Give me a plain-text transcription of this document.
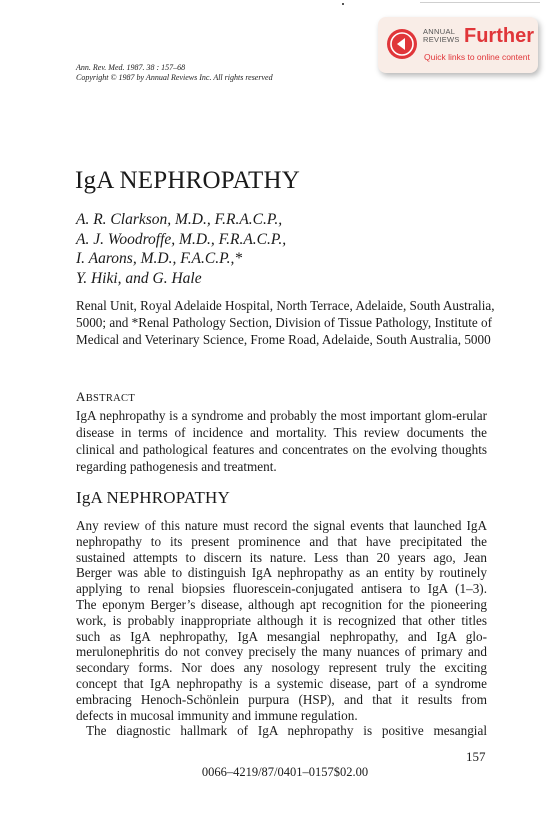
ANNUAL
REVIEWS Further
Quick links to online content
Ann. Rev. Med. 1987. 38 : 157–68
Copyright © 1987 by Annual Reviews Inc. All rights reserved
IgA NEPHROPATHY
A. R. Clarkson, M.D., F.R.A.C.P.,
A. J. Woodroffe, M.D., F.R.A.C.P.,
I. Aarons, M.D., F.A.C.P.,*
Y. Hiki, and G. Hale
Renal Unit, Royal Adelaide Hospital, North Terrace, Adelaide, South Australia, 5000; and *Renal Pathology Section, Division of Tissue Pathology, Institute of Medical and Veterinary Science, Frome Road, Adelaide, South Australia, 5000
ABSTRACT
IgA nephropathy is a syndrome and probably the most important glom-erular disease in terms of incidence and mortality. This review documents the clinical and pathological features and concentrates on the evolving thoughts regarding pathogenesis and treatment.
IgA NEPHROPATHY
Any review of this nature must record the signal events that launched IgA
nephropathy to its present prominence and that have precipitated the
sustained attempts to discern its nature. Less than 20 years ago, Jean
Berger was able to distinguish IgA nephropathy as an entity by routinely
applying to renal biopsies fluorescein-conjugated antisera to IgA (1–3).
The eponym Berger’s disease, although apt recognition for the pioneering
work, is probably inappropriate although it is recognized that other titles
such as IgA nephropathy, IgA mesangial nephropathy, and IgA glo-
merulonephritis do not convey precisely the many nuances of primary and
secondary forms. Nor does any nosology represent truly the exciting
concept that IgA nephropathy is a systemic disease, part of a syndrome
embracing Henoch-Schönlein purpura (HSP), and that it results from
defects in mucosal immunity and immune regulation.
The diagnostic hallmark of IgA nephropathy is positive mesangial
157
0066–4219/87/0401–0157$02.00
